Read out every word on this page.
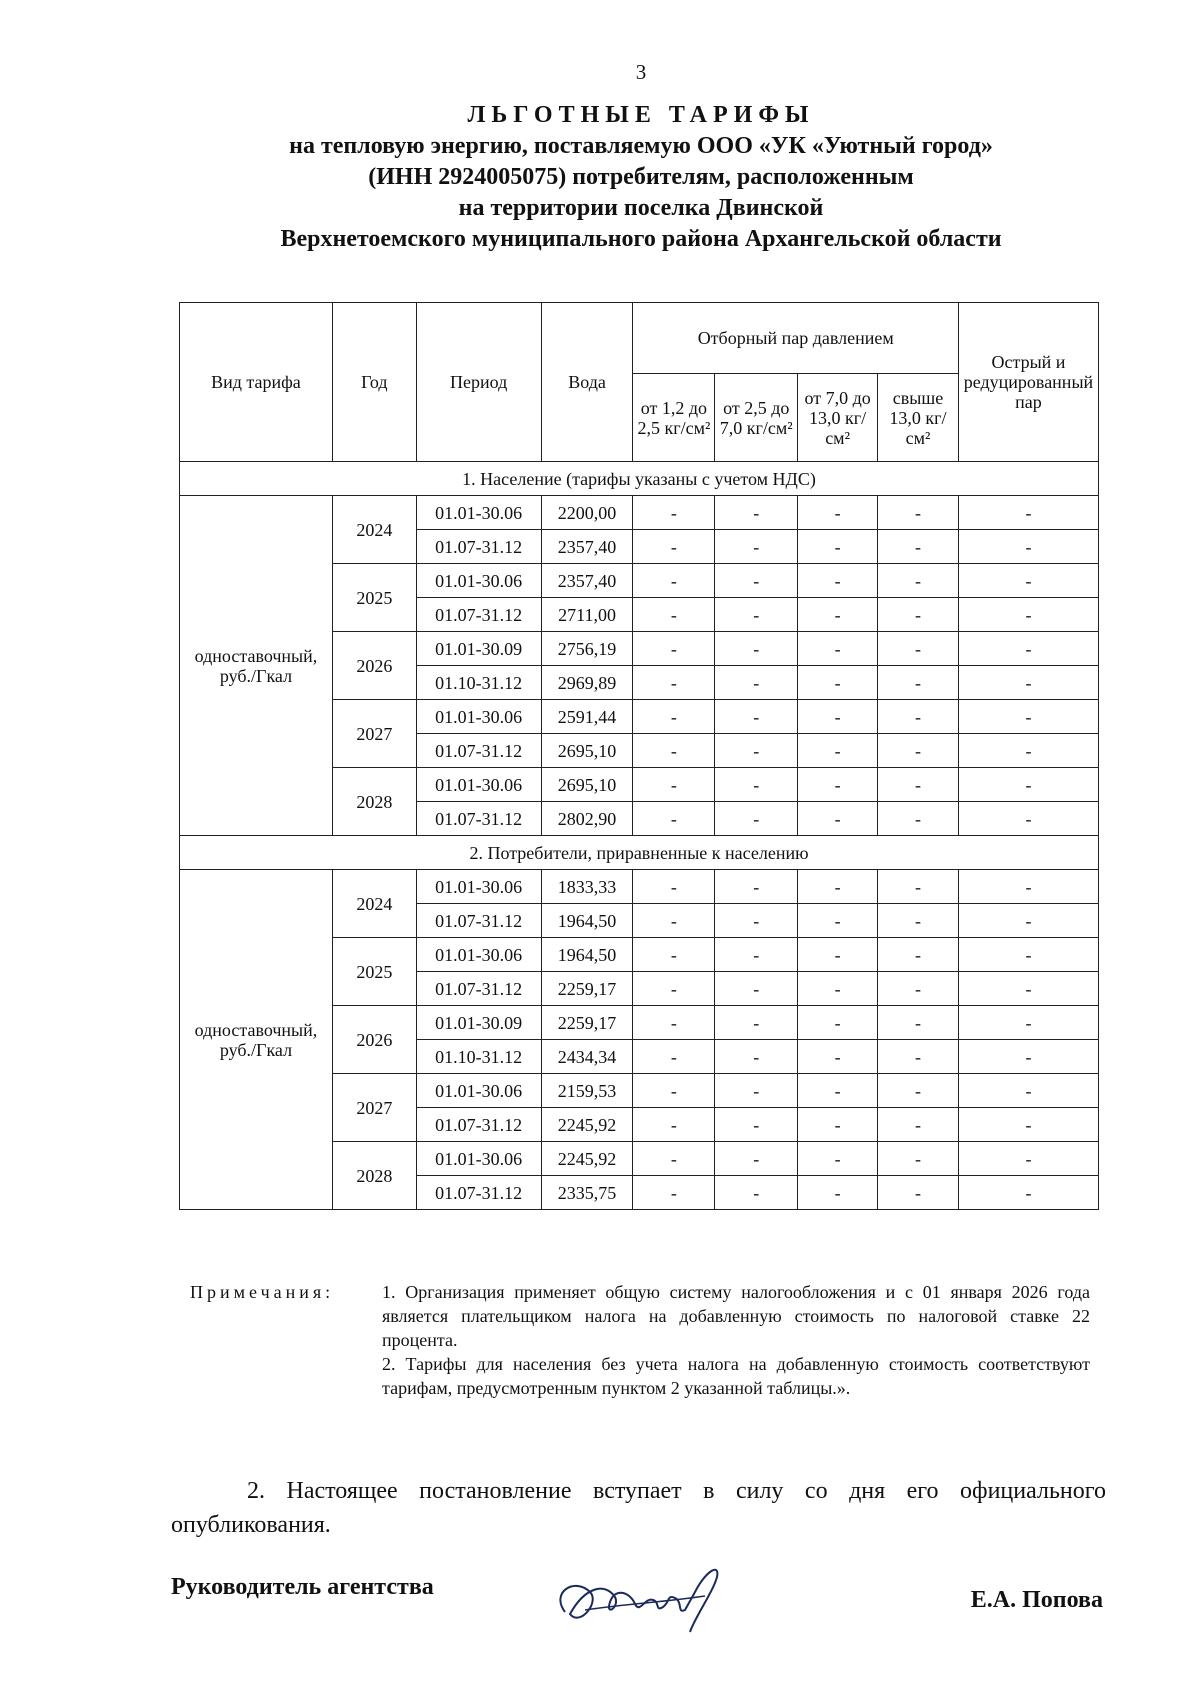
3
ЛЬГОТНЫЕ ТАРИФЫ
на тепловую энергию, поставляемую ООО «УК «Уютный город»
(ИНН 2924005075) потребителям, расположенным
на территории поселка Двинской
Верхнетоемского муниципального района Архангельской области
Вид тарифа	Год	Период	Вода	Отборный пар давлением				Острый и редуцированный пар
				от 1,2 до 2,5 кг/см²	от 2,5 до 7,0 кг/см²	от 7,0 до 13,0 кг/см²	свыше 13,0 кг/см²	
1. Население (тарифы указаны с учетом НДС)								
одноставочный, руб./Гкал	2024	01.01-30.06	2200,00	-	-	-	-	-
		01.07-31.12	2357,40	-	-	-	-	-
	2025	01.01-30.06	2357,40	-	-	-	-	-
		01.07-31.12	2711,00	-	-	-	-	-
	2026	01.01-30.09	2756,19	-	-	-	-	-
		01.10-31.12	2969,89	-	-	-	-	-
	2027	01.01-30.06	2591,44	-	-	-	-	-
		01.07-31.12	2695,10	-	-	-	-	-
	2028	01.01-30.06	2695,10	-	-	-	-	-
		01.07-31.12	2802,90	-	-	-	-	-
2. Потребители, приравненные к населению								
одноставочный, руб./Гкал	2024	01.01-30.06	1833,33	-	-	-	-	-
		01.07-31.12	1964,50	-	-	-	-	-
	2025	01.01-30.06	1964,50	-	-	-	-	-
		01.07-31.12	2259,17	-	-	-	-	-
	2026	01.01-30.09	2259,17	-	-	-	-	-
		01.10-31.12	2434,34	-	-	-	-	-
	2027	01.01-30.06	2159,53	-	-	-	-	-
		01.07-31.12	2245,92	-	-	-	-	-
	2028	01.01-30.06	2245,92	-	-	-	-	-
		01.07-31.12	2335,75	-	-	-	-	-
Примечания:	1. Организация применяет общую систему налогообложения и с 01 января 2026 года является плательщиком налога на добавленную стоимость по налоговой ставке 22 процента.

2. Тарифы для населения без учета налога на добавленную стоимость соответствуют тарифам, предусмотренным пунктом 2 указанной таблицы.».

2. Настоящее постановление вступает в силу со дня его официального опубликования.
Руководитель агентства	Е.А. Попова
